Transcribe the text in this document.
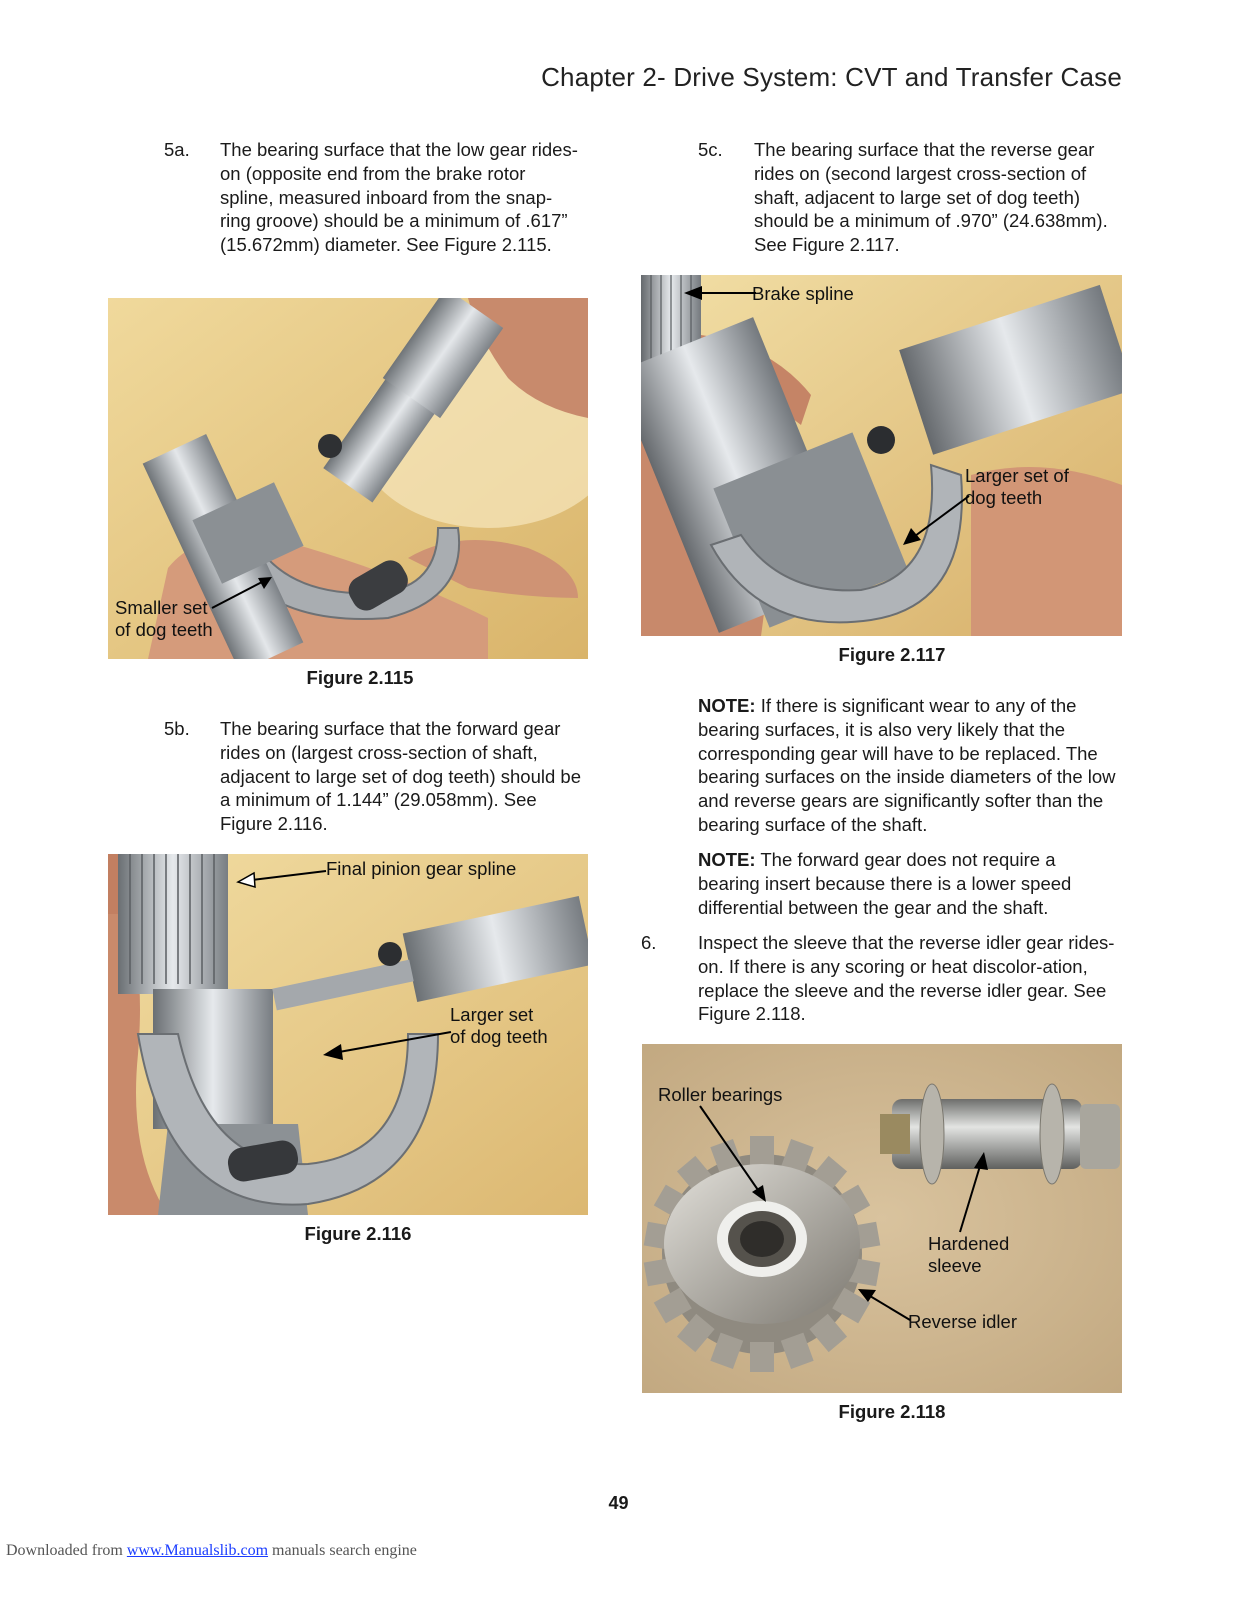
Chapter 2- Drive System: CVT and Transfer Case
5a. The bearing surface that the low gear rides-on (opposite end from the brake rotor spline, measured inboard from the snap-ring groove) should be a minimum of .617” (15.672mm) diameter. See Figure 2.115.
Smaller set
of dog teeth
Figure 2.115
5b. The bearing surface that the forward gear rides on (largest cross-section of shaft, adjacent to large set of dog teeth) should be a minimum of 1.144” (29.058mm). See Figure 2.116.
Final pinion gear spline
Larger set
of dog teeth
Figure 2.116
5c. The bearing surface that the reverse gear rides on (second largest cross-section of shaft, adjacent to large set of dog teeth) should be a minimum of .970” (24.638mm). See Figure 2.117.
Brake spline
Larger set of
dog teeth
Figure 2.117
NOTE: If there is significant wear to any of the bearing surfaces, it is also very likely that the corresponding gear will have to be replaced. The bearing surfaces on the inside diameters of the low and reverse gears are significantly softer than the bearing surface of the shaft.
NOTE: The forward gear does not require a bearing insert because there is a lower speed differential between the gear and the shaft.
6. Inspect the sleeve that the reverse idler gear rides-on. If there is any scoring or heat discolor-ation, replace the sleeve and the reverse idler gear. See Figure 2.118.
Roller bearings
Hardened
sleeve
Reverse idler
Figure 2.118
49
Downloaded from www.Manualslib.com manuals search engine
